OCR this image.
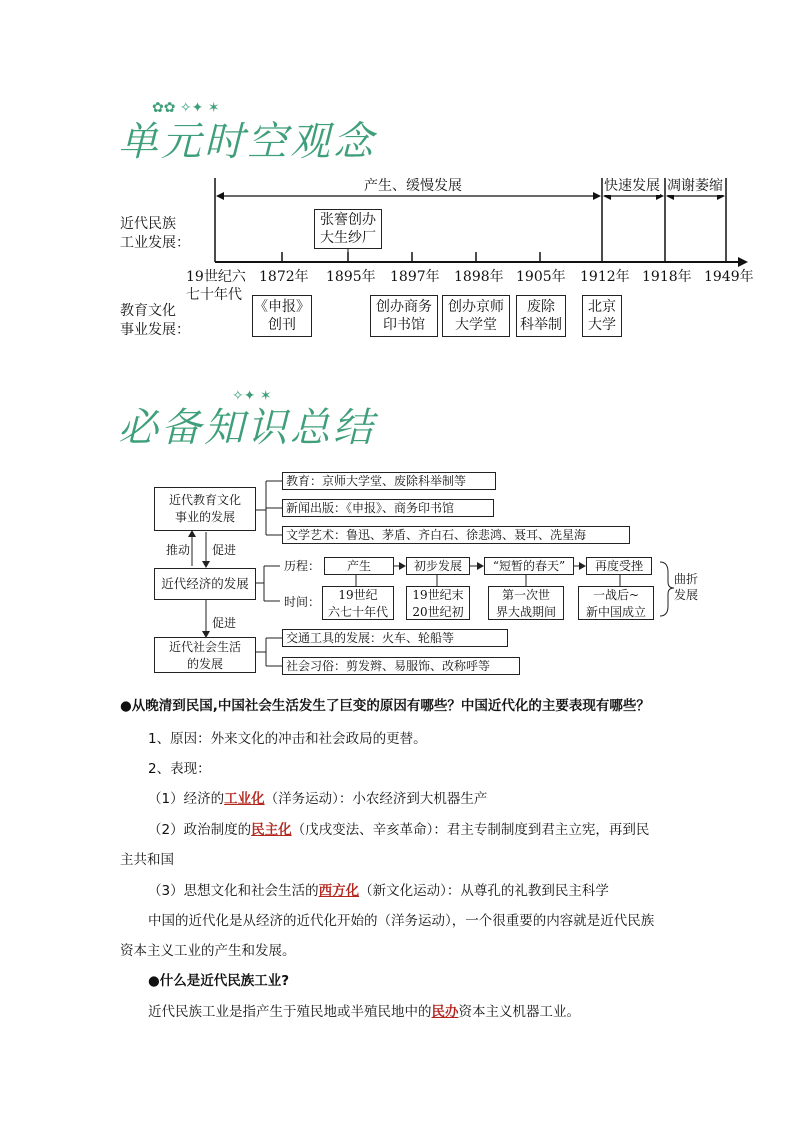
✿✿ ✧✦ ✶
单元时空观念
产生、缓慢发展	快速发展 凋谢萎缩
近代民族
工业发展：
张謇创办
大生纱厂
19世纪六
七十年代
1872年 1895年 1897年 1898年 1905年 1912年 1918年 1949年
教育文化
事业发展：
《申报》
创刊
创办商务
印书馆
创办京师
大学堂
废除
科举制
北京
大学
✧✦ ✶
必备知识总结
近代教育文化
事业的发展
教育：京师大学堂、废除科举制等
新闻出版：《申报》、商务印书馆
文学艺术：鲁迅、茅盾、齐白石、徐悲鸿、聂耳、冼星海
推动 促进
近代经济的发展
历程：
时间：
产生	初步发展	“短暂的春天”	再度受挫
19世纪
六七十年代
19世纪末
20世纪初
第一次世
界大战期间
一战后~
新中国成立
曲折
发展
促进
近代社会生活
的发展
交通工具的发展：火车、轮船等
社会习俗：剪发辫、易服饰、改称呼等
●从晚清到民国,中国社会生活发生了巨变的原因有哪些？中国近代化的主要表现有哪些？
1、原因：外来文化的冲击和社会政局的更替。
2、表现：
（1）经济的工业化（洋务运动）：小农经济到大机器生产
（2）政治制度的民主化（戊戌变法、辛亥革命）：君主专制制度到君主立宪，再到民
主共和国
（3）思想文化和社会生活的西方化（新文化运动）：从尊孔的礼教到民主科学
中国的近代化是从经济的近代化开始的（洋务运动），一个很重要的内容就是近代民族
资本主义工业的产生和发展。
●什么是近代民族工业?
近代民族工业是指产生于殖民地或半殖民地中的民办资本主义机器工业。
